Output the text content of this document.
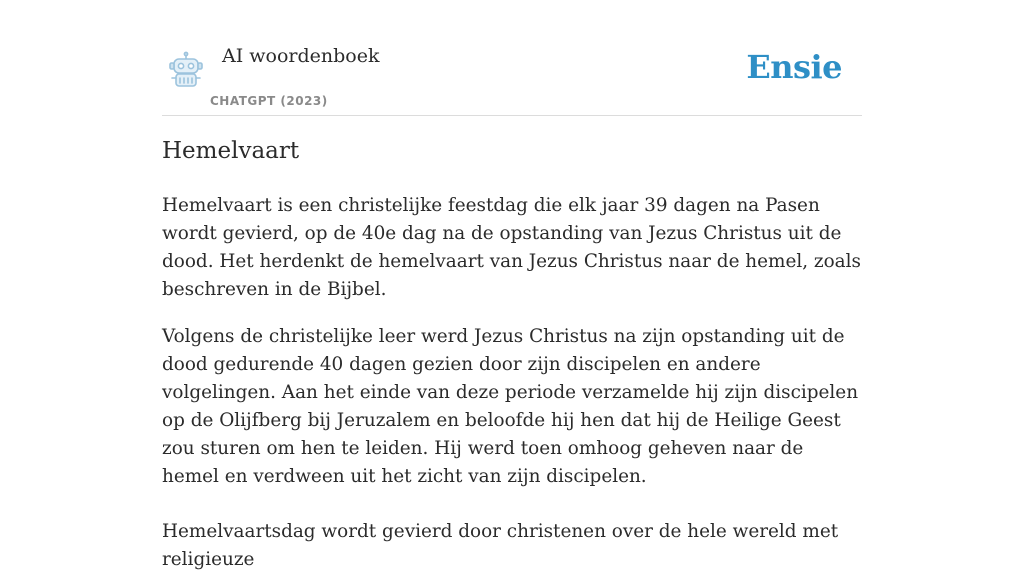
AI woordenboek
CHATGPT (2023)
Ensie
Hemelvaart

Hemelvaart is een christelijke feestdag die elk jaar 39 dagen na Pasen wordt gevierd, op de 40e dag na de opstanding van Jezus Christus uit de dood. Het herdenkt de hemelvaart van Jezus Christus naar de hemel, zoals beschreven in de Bijbel.

Volgens de christelijke leer werd Jezus Christus na zijn opstanding uit de dood gedurende 40 dagen gezien door zijn discipelen en andere volgelingen. Aan het einde van deze periode verzamelde hij zijn discipelen op de Olijfberg bij Jeruzalem en beloofde hij hen dat hij de Heilige Geest zou sturen om hen te leiden. Hij werd toen omhoog geheven naar de hemel en verdween uit het zicht van zijn discipelen.

Hemelvaartsdag wordt gevierd door christenen over de hele wereld met religieuze
